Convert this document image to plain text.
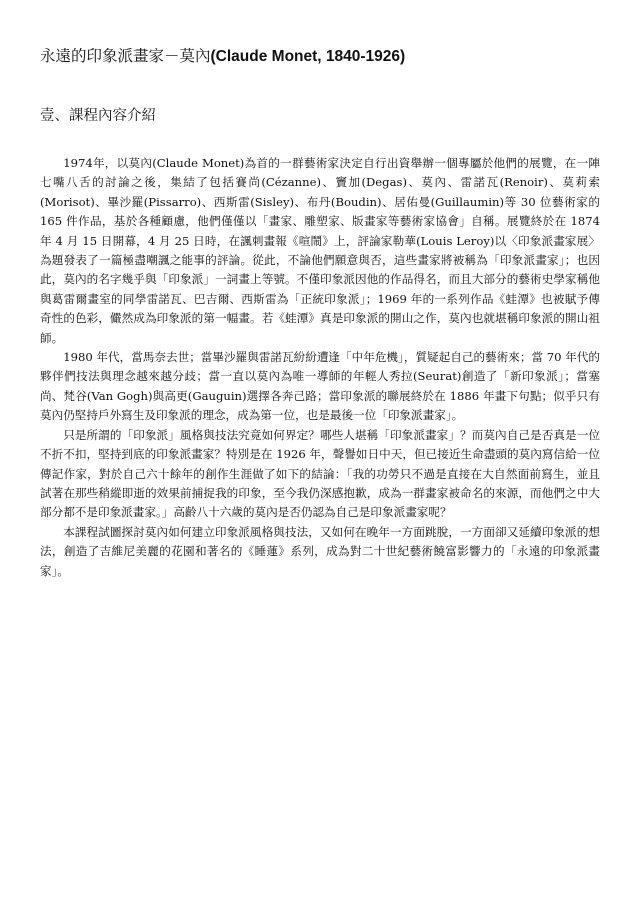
永遠的印象派畫家－莫內(Claude Monet, 1840-1926)
壹、課程內容介紹

1974年，以莫內(Claude Monet)為首的一群藝術家決定自行出資舉辦一個專屬於他們的展覽，在一陣七嘴八舌的討論之後，集結了包括賽尚(Cézanne)、竇加(Degas)、莫內、雷諾瓦(Renoir)、莫莉索(Morisot)、畢沙羅(Pissarro)、西斯雷(Sisley)、布丹(Boudin)、居佑曼(Guillaumin)等 30 位藝術家的 165 件作品，基於各種顧慮，他們僅僅以「畫家、雕塑家、版畫家等藝術家協會」自稱。展覽終於在 1874 年 4 月 15 日開幕，4 月 25 日時，在諷刺畫報《喧鬧》上，評論家勒華(Louis Leroy)以〈印象派畫家展〉為題發表了一篇極盡嘲諷之能事的評論。從此，不論他們願意與否，這些畫家將被稱為「印象派畫家」；也因此，莫內的名字幾乎與「印象派」一詞畫上等號。不僅印象派因他的作品得名，而且大部分的藝術史學家稱他與葛雷爾畫室的同學雷諾瓦、巴吉爾、西斯雷為「正統印象派」；1969 年的一系列作品《蛙潭》也被賦予傳奇性的色彩，儼然成為印象派的第一幅畫。若《蛙潭》真是印象派的開山之作，莫內也就堪稱印象派的開山祖師。

1980 年代，當馬奈去世；當畢沙羅與雷諾瓦紛紛遭逢「中年危機」，質疑起自己的藝術來；當 70 年代的夥伴們技法與理念越來越分歧；當一直以莫內為唯一導師的年輕人秀拉(Seurat)創造了「新印象派」；當塞尚、梵谷(Van Gogh)與高更(Gauguin)選擇各奔己路；當印象派的聯展終於在 1886 年畫下句點；似乎只有莫內仍堅持戶外寫生及印象派的理念，成為第一位，也是最後一位「印象派畫家」。

只是所謂的「印象派」風格與技法究竟如何界定？哪些人堪稱「印象派畫家」？而莫內自己是否真是一位不折不扣，堅持到底的印象派畫家？特別是在 1926 年，聲譽如日中天，但已接近生命盡頭的莫內寫信給一位傳記作家，對於自己六十餘年的創作生涯做了如下的結論：「我的功勞只不過是直接在大自然面前寫生，並且試著在那些稍縱即逝的效果前捕捉我的印象，至今我仍深感抱歉，成為一群畫家被命名的來源，而他們之中大部分都不是印象派畫家。」高齡八十六歲的莫內是否仍認為自己是印象派畫家呢？

本課程試圖探討莫內如何建立印象派風格與技法，又如何在晚年一方面跳脫，一方面卻又延續印象派的想法，創造了吉維尼美麗的花園和著名的《睡蓮》系列，成為對二十世紀藝術饒富影響力的「永遠的印象派畫家」。
